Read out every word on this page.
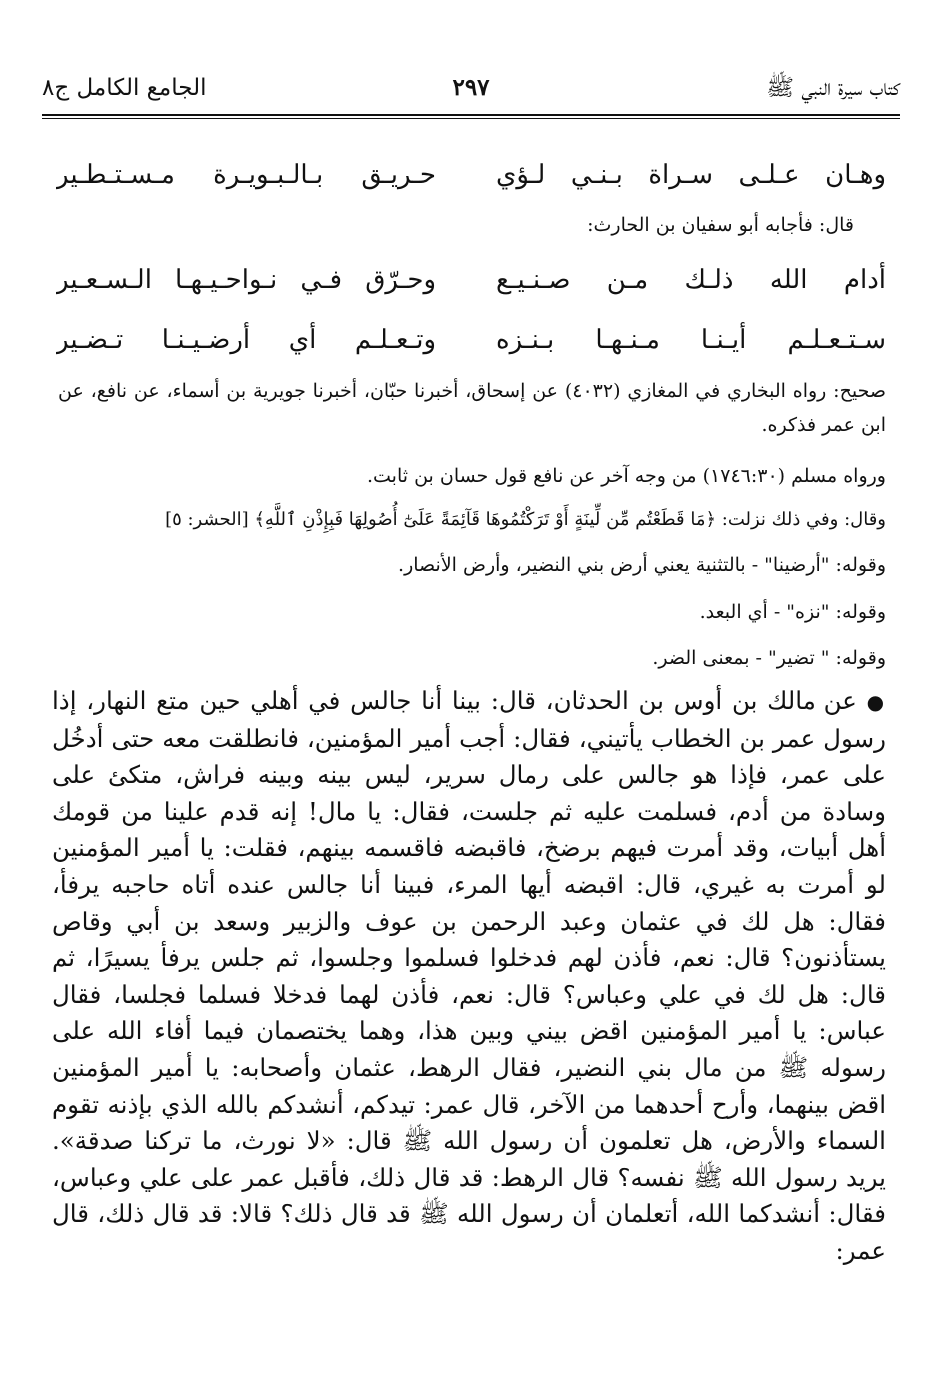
الجامع الكامل ج٨	٢٩٧	كتاب سيرة النبي ﷺ
وهـان عـلـى سـراة بـنـي لـؤي
حـريـق بـالـبـويـرة مـسـتـطـير
قال: فأجابه أبو سفيان بن الحارث:
أدام الله ذلـك مـن صـنـيـع
وحـرّق فـي نـواحـيـهـا الـسـعـير
سـتـعـلـم أيـنـا مـنـهـا بـنـزه
وتـعـلـم أي أرضـيـنـا تـضـير
صحيح: رواه البخاري في المغازي (٤٠٣٢) عن إسحاق، أخبرنا حبّان، أخبرنا جويرية بن أسماء، عن نافع، عن ابن عمر فذكره.
ورواه مسلم (١٧٤٦:٣٠) من وجه آخر عن نافع قول حسان بن ثابت.
وقال: وفي ذلك نزلت: ﴿مَا قَطَعْتُم مِّن لِّينَةٍ أَوْ تَرَكْتُمُوهَا قَآئِمَةً عَلَىٰٓ أُصُولِهَا فَبِإِذْنِ ٱللَّهِ﴾ [الحشر: ٥]
وقوله: "أرضينا" - بالتثنية يعني أرض بني النضير، وأرض الأنصار.
وقوله: "نزه" - أي البعد.
وقوله: " تضير" - بمعنى الضر.
● عن مالك بن أوس بن الحدثان، قال: بينا أنا جالس في أهلي حين متع النهار، إذا رسول عمر بن الخطاب يأتيني، فقال: أجب أمير المؤمنين، فانطلقت معه حتى أدخُل على عمر، فإذا هو جالس على رمال سرير، ليس بينه وبينه فراش، متكئ على وسادة من أدم، فسلمت عليه ثم جلست، فقال: يا مال! إنه قدم علينا من قومك أهل أبيات، وقد أمرت فيهم برضخ، فاقبضه فاقسمه بينهم، فقلت: يا أمير المؤمنين لو أمرت به غيري، قال: اقبضه أيها المرء، فبينا أنا جالس عنده أتاه حاجبه يرفأ، فقال: هل لك في عثمان وعبد الرحمن بن عوف والزبير وسعد بن أبي وقاص يستأذنون؟ قال: نعم، فأذن لهم فدخلوا فسلموا وجلسوا، ثم جلس يرفأ يسيرًا، ثم قال: هل لك في علي وعباس؟ قال: نعم، فأذن لهما فدخلا فسلما فجلسا، فقال عباس: يا أمير المؤمنين اقض بيني وبين هذا، وهما يختصمان فيما أفاء الله على رسوله ﷺ من مال بني النضير، فقال الرهط، عثمان وأصحابه: يا أمير المؤمنين اقض بينهما، وأرح أحدهما من الآخر، قال عمر: تيدكم، أنشدكم بالله الذي بإذنه تقوم السماء والأرض، هل تعلمون أن رسول الله ﷺ قال: «لا نورث، ما تركنا صدقة». يريد رسول الله ﷺ نفسه؟ قال الرهط: قد قال ذلك، فأقبل عمر على علي وعباس، فقال: أنشدكما الله، أتعلمان أن رسول الله ﷺ قد قال ذلك؟ قالا: قد قال ذلك، قال عمر:
